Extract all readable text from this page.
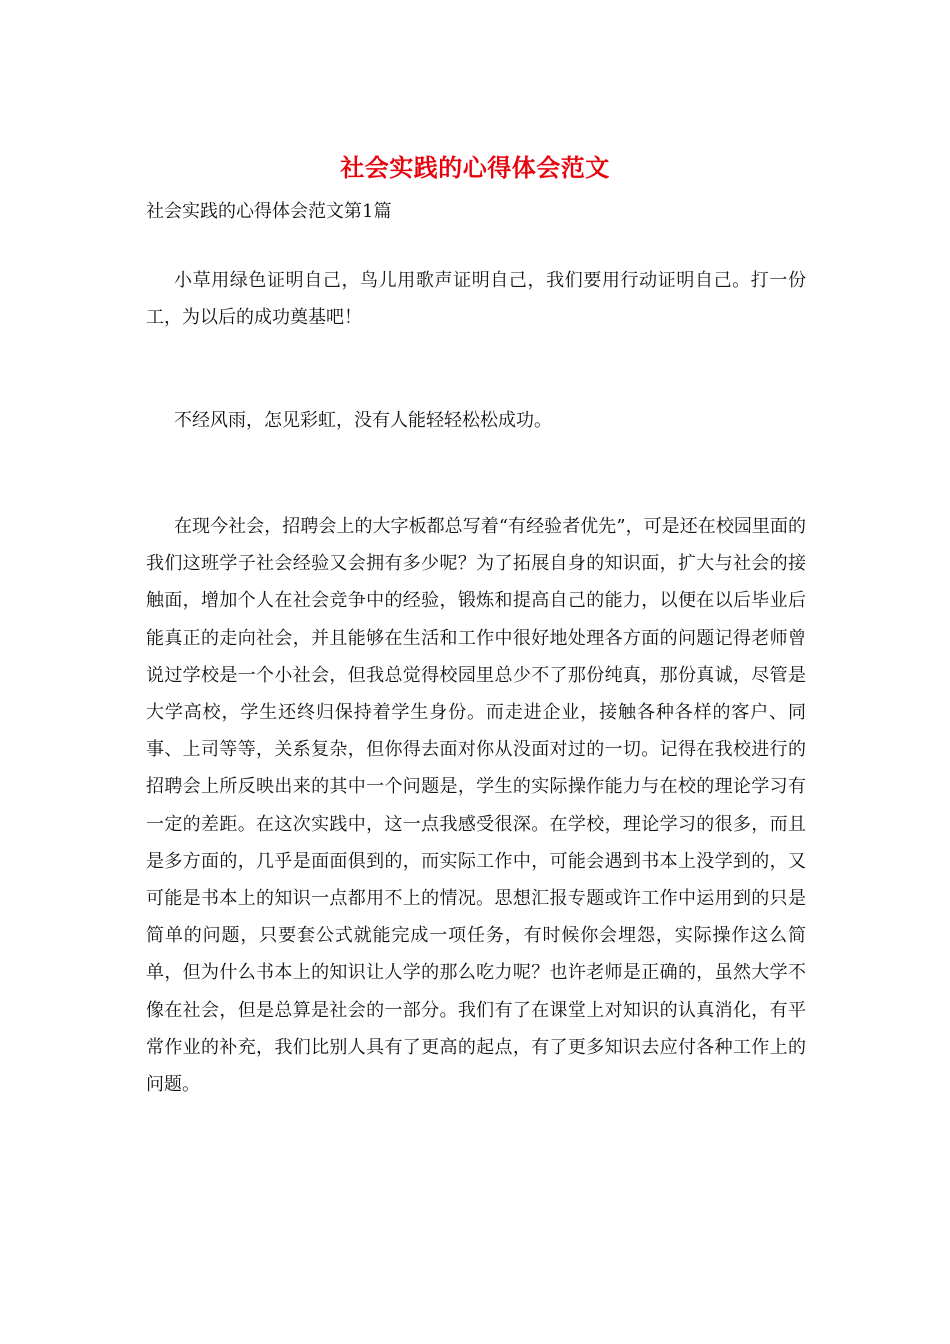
社会实践的心得体会范文

社会实践的心得体会范文第1篇

小草用绿色证明自己，鸟儿用歌声证明自己，我们要用行动证明自己。打一份工，为以后的成功奠基吧！

不经风雨，怎见彩虹，没有人能轻轻松松成功。

在现今社会，招聘会上的大字板都总写着“有经验者优先”，可是还在校园里面的我们这班学子社会经验又会拥有多少呢？为了拓展自身的知识面，扩大与社会的接触面，增加个人在社会竞争中的经验，锻炼和提高自己的能力，以便在以后毕业后能真正的走向社会，并且能够在生活和工作中很好地处理各方面的问题记得老师曾说过学校是一个小社会，但我总觉得校园里总少不了那份纯真，那份真诚，尽管是大学高校，学生还终归保持着学生身份。而走进企业，接触各种各样的客户、同事、上司等等，关系复杂，但你得去面对你从没面对过的一切。记得在我校进行的招聘会上所反映出来的其中一个问题是，学生的实际操作能力与在校的理论学习有一定的差距。在这次实践中，这一点我感受很深。在学校，理论学习的很多，而且是多方面的，几乎是面面俱到的，而实际工作中，可能会遇到书本上没学到的，又可能是书本上的知识一点都用不上的情况。思想汇报专题或许工作中运用到的只是简单的问题，只要套公式就能完成一项任务，有时候你会埋怨，实际操作这么简单，但为什么书本上的知识让人学的那么吃力呢？也许老师是正确的，虽然大学不像在社会，但是总算是社会的一部分。我们有了在课堂上对知识的认真消化，有平常作业的补充，我们比别人具有了更高的起点，有了更多知识去应付各种工作上的问题。
